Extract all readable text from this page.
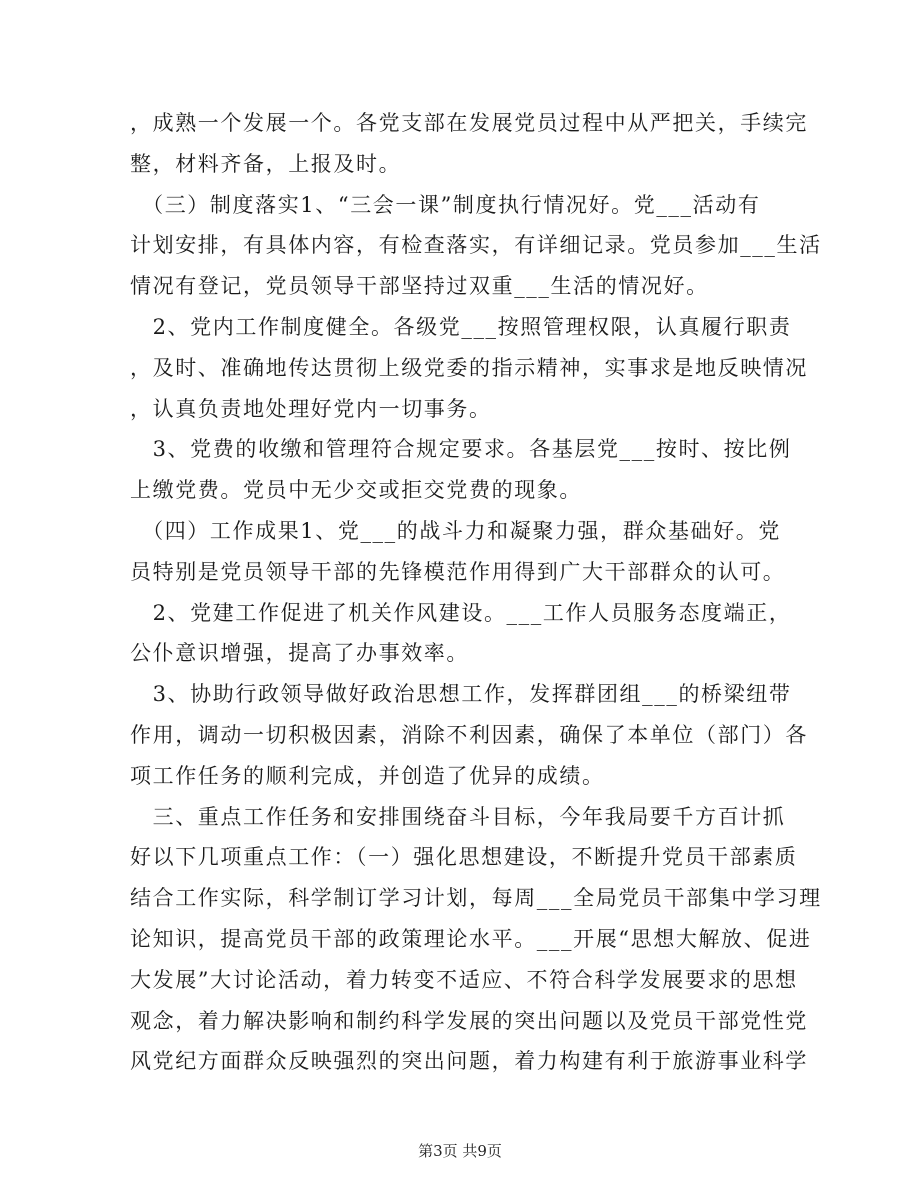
，成熟一个发展一个。各党支部在发展党员过程中从严把关，手续完
整，材料齐备，上报及时。

　（三）制度落实1、“三会一课”制度执行情况好。党___活动有
计划安排，有具体内容，有检查落实，有详细记录。党员参加___生活
情况有登记，党员领导干部坚持过双重___生活的情况好。

　2、党内工作制度健全。各级党___按照管理权限，认真履行职责
，及时、准确地传达贯彻上级党委的指示精神，实事求是地反映情况
，认真负责地处理好党内一切事务。

　3、党费的收缴和管理符合规定要求。各基层党___按时、按比例
上缴党费。党员中无少交或拒交党费的现象。

　（四）工作成果1、党___的战斗力和凝聚力强，群众基础好。党
员特别是党员领导干部的先锋模范作用得到广大干部群众的认可。

　2、党建工作促进了机关作风建设。___工作人员服务态度端正，
公仆意识增强，提高了办事效率。

　3、协助行政领导做好政治思想工作，发挥群团组___的桥梁纽带
作用，调动一切积极因素，消除不利因素，确保了本单位（部门）各
项工作任务的顺利完成，并创造了优异的成绩。

　三、重点工作任务和安排围绕奋斗目标，今年我局要千方百计抓
好以下几项重点工作：（一）强化思想建设，不断提升党员干部素质
结合工作实际，科学制订学习计划，每周___全局党员干部集中学习理
论知识，提高党员干部的政策理论水平。___开展“思想大解放、促进
大发展”大讨论活动，着力转变不适应、不符合科学发展要求的思想
观念，着力解决影响和制约科学发展的突出问题以及党员干部党性党
风党纪方面群众反映强烈的突出问题，着力构建有利于旅游事业科学

第3页 共9页
